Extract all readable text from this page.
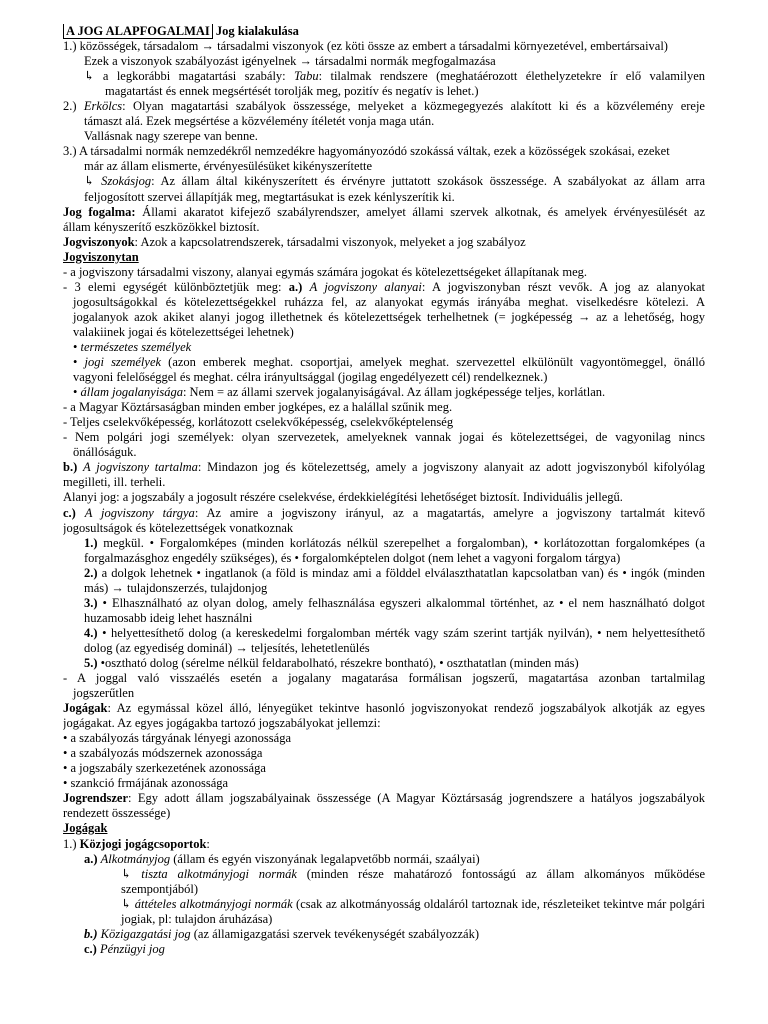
A JOG ALAPFOGALMAI Jog kialakulása
1.) közösségek, társadalom → társadalmi viszonyok (ez köti össze az embert a társadalmi környezetével, embertársaival)
Ezek a viszonyok szabályozást igényelnek → társadalmi normák megfogalmazása
↳ a legkorábbi magatartási szabály: Tabu: tilalmak rendszere (meghatáérozott élethelyzetekre ír elő valamilyen
magatartást és ennek megsértését torolják meg, pozitív és negatív is lehet.)
2.) Erkölcs: Olyan magatartási szabályok összessége, melyeket a közmegegyezés alakított ki és a közvélemény ereje
támaszt alá. Ezek megsértése a közvélemény ítéletét vonja maga után.
Vallásnak nagy szerepe van benne.
3.) A társadalmi normák nemzedékről nemzedékre hagyományozódó szokássá váltak, ezek a közösségek szokásai, ezeket
már az állam elismerte, érvényesülésüket kikényszerítette
↳ Szokásjog: Az állam által kikényszerített és érvényre juttatott szokások összessége. A szabályokat az állam arra
feljogosított szervei állapítják meg, megtartásukat is ezek kénlyszerítik ki.
Jog fogalma: Állami akaratot kifejező szabályrendszer, amelyet állami szervek alkotnak, és amelyek érvényesülését az
állam kényszerítő eszközökkel biztosít.
Jogviszonyok: Azok a kapcsolatrendszerek, társadalmi viszonyok, melyeket a jog szabályoz
Jogviszonytan
- a jogviszony társadalmi viszony, alanyai egymás számára jogokat és kötelezettségeket állapítanak meg.
- 3 elemi egységét különböztetjük meg: a.) A jogviszony alanyai: A jogviszonyban részt vevők. A jog az alanyokat
jogosultságokkal és kötelezettségekkel ruházza fel, az alanyokat egymás irányába meghat. viselkedésre kötelezi. A
jogalanyok azok akiket alanyi jogog illethetnek és kötelezettségek terhelhetnek (= jogképesség → az a lehetőség, hogy
valakiinek jogai és kötelezettségei lehetnek)
• természetes személyek
• jogi személyek (azon emberek meghat. csoportjai, amelyek meghat. szervezettel elkülönült vagyontömeggel, önálló
vagyoni felelőséggel és meghat. célra irányultsággal (jogilag engedélyezett cél) rendelkeznek.)
• állam jogalanyisága: Nem = az állami szervek jogalanyiságával. Az állam jogképessége teljes, korlátlan.
- a Magyar Köztársaságban minden ember jogképes, ez a halállal szűnik meg.
- Teljes cselekvőképesség, korlátozott cselekvőképesség, cselekvőképtelenség
- Nem polgári jogi személyek: olyan szervezetek, amelyeknek vannak jogai és kötelezettségei, de vagyonilag nincs
önállóságuk.
b.) A jogviszony tartalma: Mindazon jog és kötelezettség, amely a jogviszony alanyait az adott jogviszonyból kifolyólag
megilleti, ill. terheli.
Alanyi jog: a jogszabály a jogosult részére cselekvése, érdekkielégítési lehetőséget biztosít. Individuális jellegű.
c.) A jogviszony tárgya: Az amire a jogviszony irányul, az a magatartás, amelyre a jogviszony tartalmát kitevő
jogosultságok és kötelezettségek vonatkoznak
1.) megkül. • Forgalomképes (minden korlátozás nélkül szerepelhet a forgalomban), • korlátozottan forgalomképes (a
forgalmazásghoz engedély szükséges), és • forgalomképtelen dolgot (nem lehet a vagyoni forgalom tárgya)
2.) a dolgok lehetnek • ingatlanok (a föld is mindaz ami a földdel elválaszthatatlan kapcsolatban van) és • ingók (minden
más) → tulajdonszerzés, tulajdonjog
3.) • Elhasználható az olyan dolog, amely felhasználása egyszeri alkalommal történhet, az • el nem használható dolgot
huzamosabb ideig lehet használni
4.) • helyettesíthető dolog (a kereskedelmi forgalomban mérték vagy szám szerint tartják nyilván), • nem helyettesíthető
dolog (az egyediség dominál) → teljesítés, lehetetlenülés
5.) •osztható dolog (sérelme nélkül feldarabolható, részekre bontható), • oszthatatlan (minden más)
- A joggal való visszaélés esetén a jogalany magatarása formálisan jogszerű, magatartása azonban tartalmilag
jogszerűtlen
Jogágak: Az egymással közel álló, lényegüket tekintve hasonló jogviszonyokat rendező jogszabályok alkotják az egyes
jogágakat. Az egyes jogágakba tartozó jogszabályokat jellemzi:
• a szabályozás tárgyának lényegi azonossága
• a szabályozás módszernek azonossága
• a jogszabály szerkezetének azonossága
• szankció frmájának azonossága
Jogrendszer: Egy adott állam jogszabályainak összessége (A Magyar Köztársaság jogrendszere a hatályos jogszabályok
rendezett összessége)
Jogágak
1.) Közjogi jogágcsoportok:
a.) Alkotmányjog (állam és egyén viszonyának legalapvetőbb normái, szaályai)
↳ tiszta alkotmányjogi normák (minden része mahatározó fontosságú az állam alkományos működése
szempontjából)
↳ áttételes alkotmányjogi normák (csak az alkotmányosság oldaláról tartoznak ide, részleteiket tekintve már polgári
jogiak, pl: tulajdon áruházása)
b.) Közigazgatási jog (az államigazgatási szervek tevékenységét szabályozzák)
c.) Pénzügyi jog
